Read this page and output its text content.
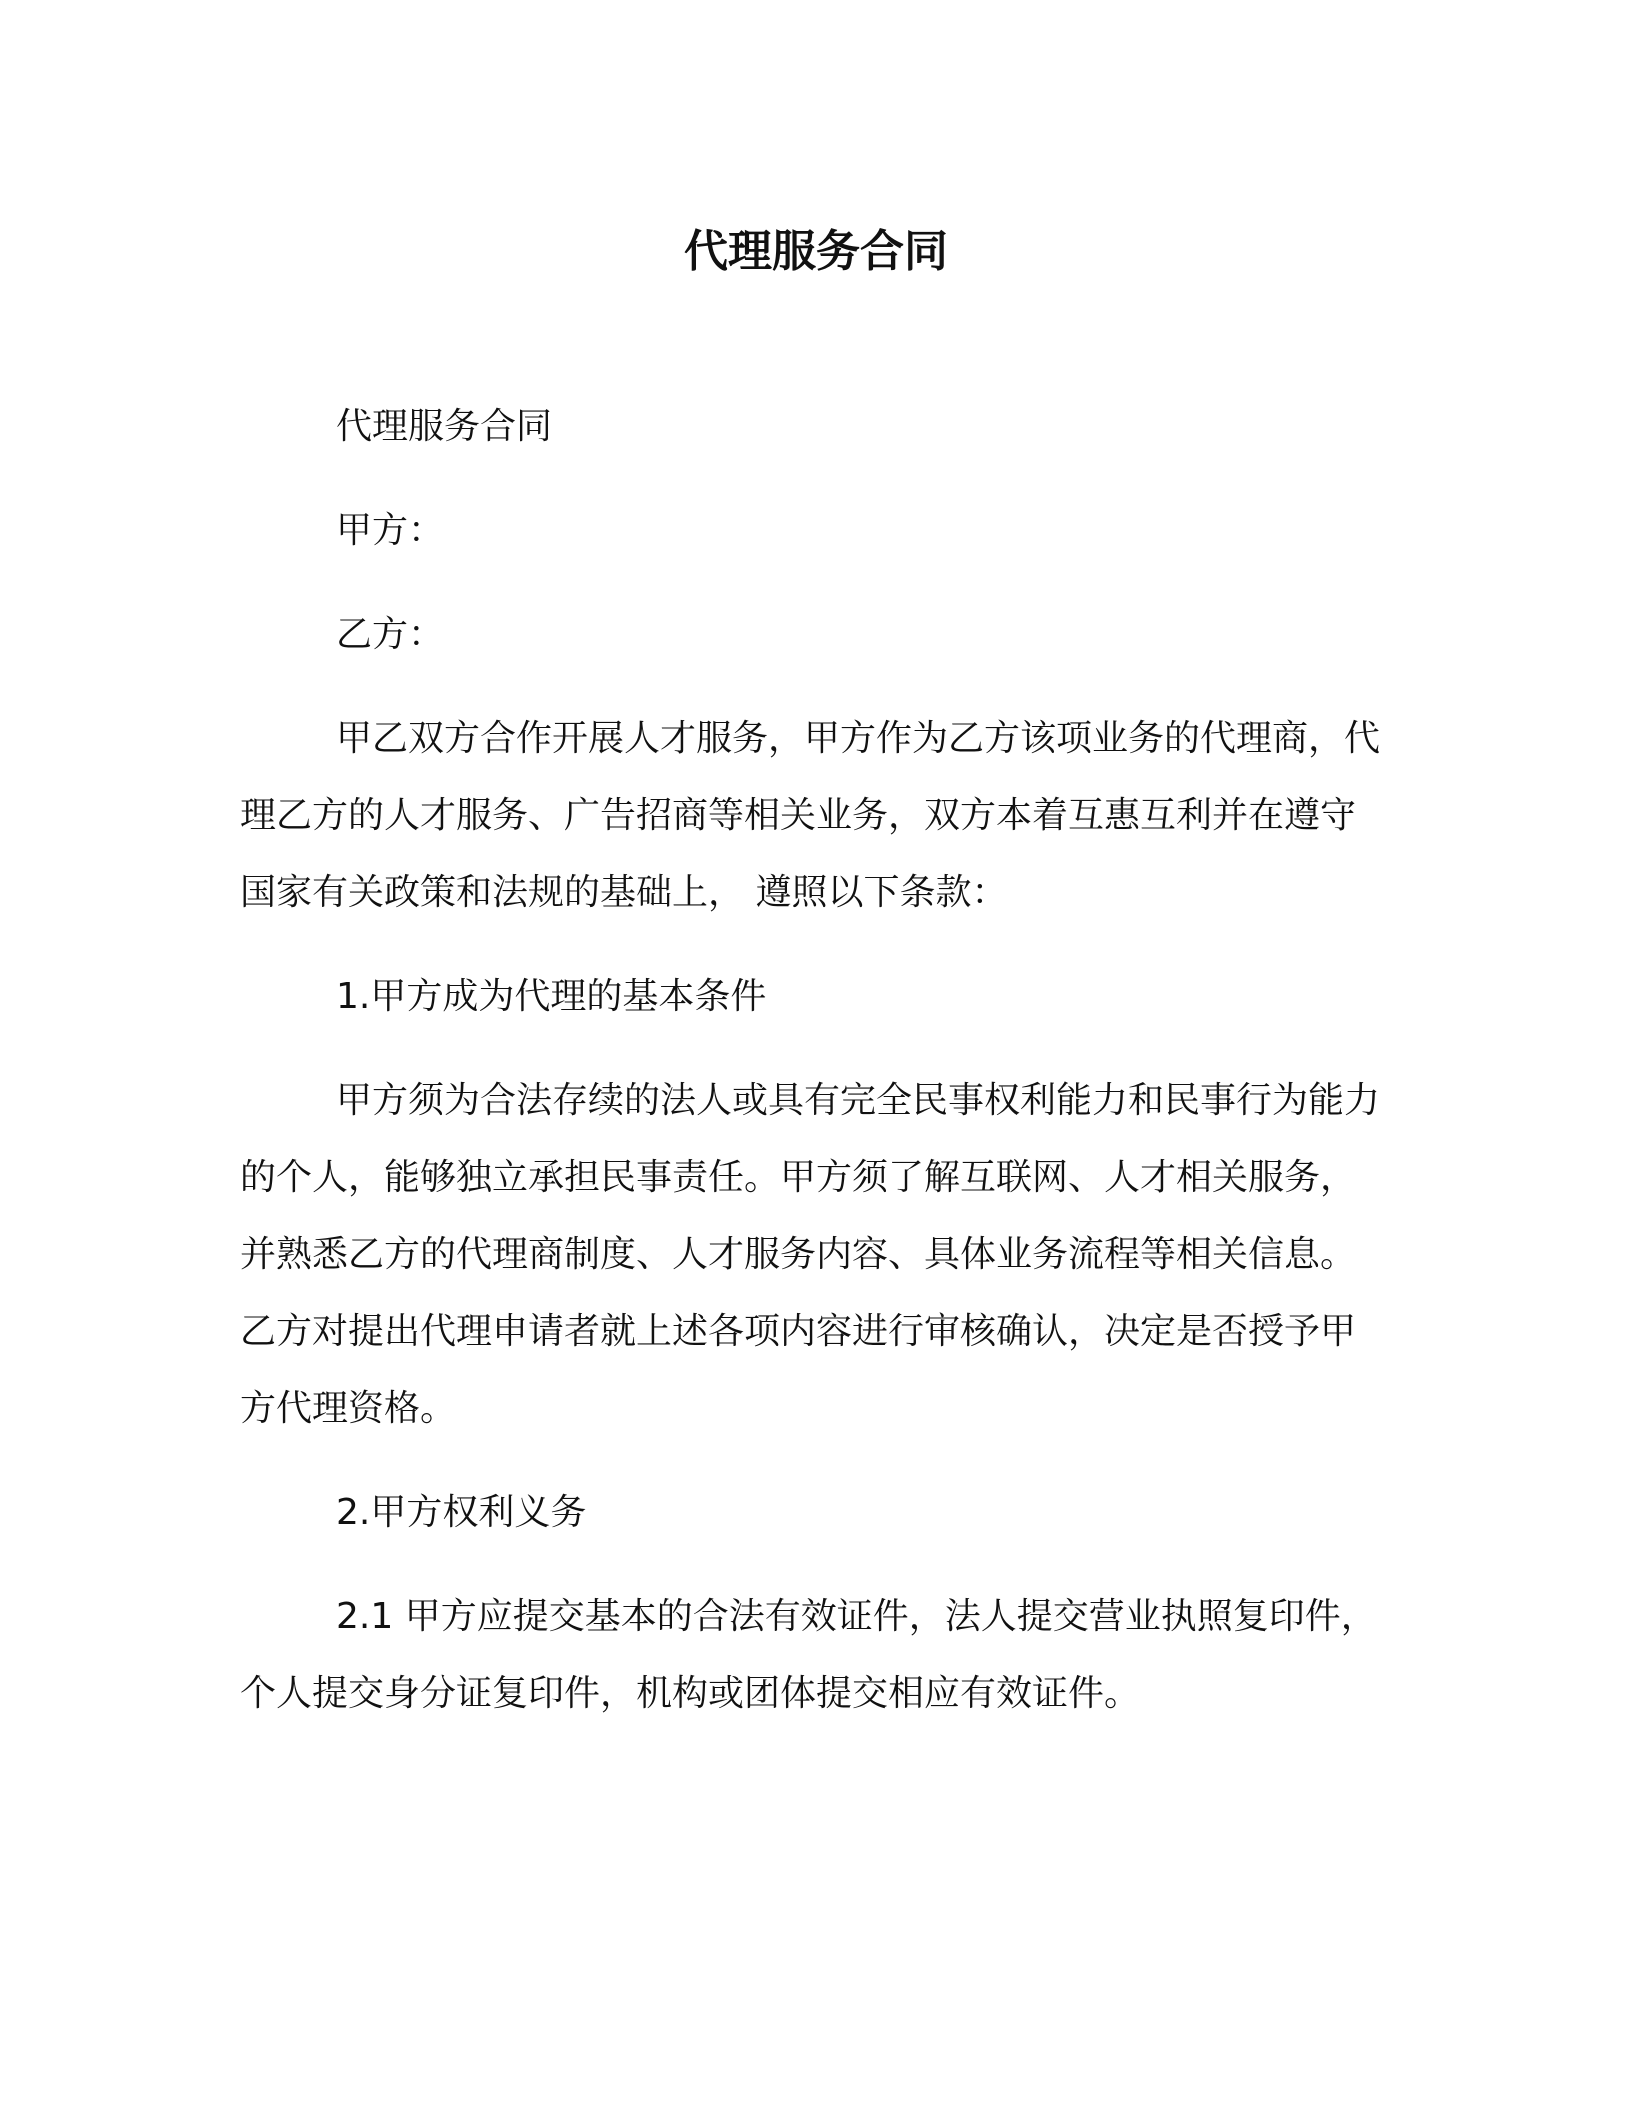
代理服务合同

代理服务合同

甲方：

乙方：

甲乙双方合作开展人才服务，甲方作为乙方该项业务的代理商，代理乙方的人才服务、广告招商等相关业务，双方本着互惠互利并在遵守国家有关政策和法规的基础上， 遵照以下条款：

1.甲方成为代理的基本条件

甲方须为合法存续的法人或具有完全民事权利能力和民事行为能力的个人，能够独立承担民事责任。甲方须了解互联网、人才相关服务，并熟悉乙方的代理商制度、人才服务内容、具体业务流程等相关信息。乙方对提出代理申请者就上述各项内容进行审核确认，决定是否授予甲方代理资格。

2.甲方权利义务

2.1 甲方应提交基本的合法有效证件，法人提交营业执照复印件，个人提交身分证复印件，机构或团体提交相应有效证件。
